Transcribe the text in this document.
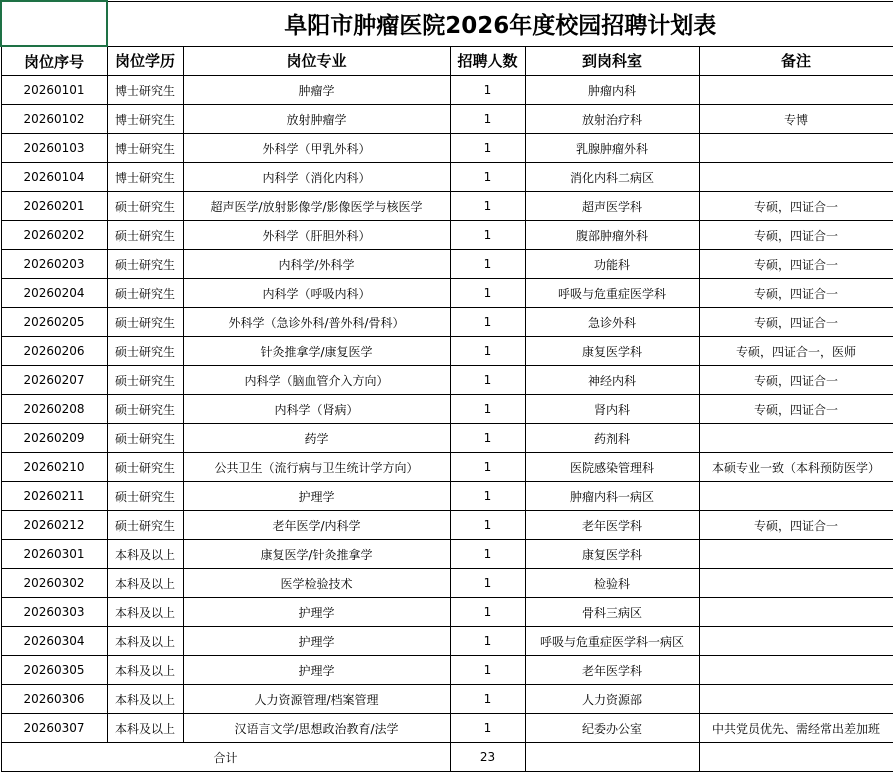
	阜阳市肿瘤医院2026年度校园招聘计划表				
岗位序号	岗位学历	岗位专业	招聘人数	到岗科室	备注
20260101	博士研究生	肿瘤学	1	肿瘤内科	
20260102	博士研究生	放射肿瘤学	1	放射治疗科	专博
20260103	博士研究生	外科学（甲乳外科）	1	乳腺肿瘤外科	
20260104	博士研究生	内科学（消化内科）	1	消化内科二病区	
20260201	硕士研究生	超声医学/放射影像学/影像医学与核医学	1	超声医学科	专硕，四证合一
20260202	硕士研究生	外科学（肝胆外科）	1	腹部肿瘤外科	专硕，四证合一
20260203	硕士研究生	内科学/外科学	1	功能科	专硕，四证合一
20260204	硕士研究生	内科学（呼吸内科）	1	呼吸与危重症医学科	专硕，四证合一
20260205	硕士研究生	外科学（急诊外科/普外科/骨科）	1	急诊外科	专硕，四证合一
20260206	硕士研究生	针灸推拿学/康复医学	1	康复医学科	专硕，四证合一，医师
20260207	硕士研究生	内科学（脑血管介入方向）	1	神经内科	专硕，四证合一
20260208	硕士研究生	内科学（肾病）	1	肾内科	专硕，四证合一
20260209	硕士研究生	药学	1	药剂科	
20260210	硕士研究生	公共卫生（流行病与卫生统计学方向）	1	医院感染管理科	本硕专业一致（本科预防医学）
20260211	硕士研究生	护理学	1	肿瘤内科一病区	
20260212	硕士研究生	老年医学/内科学	1	老年医学科	专硕，四证合一
20260301	本科及以上	康复医学/针灸推拿学	1	康复医学科	
20260302	本科及以上	医学检验技术	1	检验科	
20260303	本科及以上	护理学	1	骨科三病区	
20260304	本科及以上	护理学	1	呼吸与危重症医学科一病区	
20260305	本科及以上	护理学	1	老年医学科	
20260306	本科及以上	人力资源管理/档案管理	1	人力资源部	
20260307	本科及以上	汉语言文学/思想政治教育/法学	1	纪委办公室	中共党员优先、需经常出差加班
合计			23		
